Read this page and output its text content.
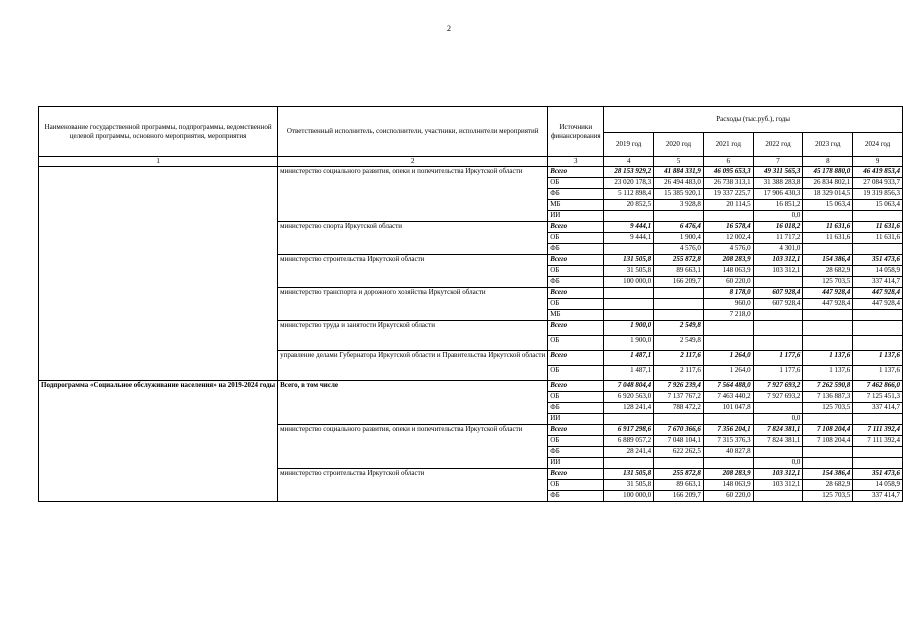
2
Наименование государственной программы, подпрограммы, ведомственной целевой программы, основного мероприятия, мероприятия	Ответственный исполнитель, соисполнители, участники, исполнители мероприятий	Источники финансирования	Расходы (тыс.руб.), годы					
			2019 год	2020 год	2021 год	2022 год	2023 год	2024 год
1	2	3	4	5	6	7	8	9
	министерство социального развития, опеки и попечительства Иркутской области	Всего	28 153 929,2	41 884 331,9	46 095 653,3	49 311 565,3	45 178 880,0	46 419 853,4
		ОБ	23 020 178,3	26 494 483,0	26 738 313,1	31 388 283,8	26 834 802,1	27 084 933,7
		ФБ	5 112 898,4	15 385 920,1	19 337 225,7	17 906 430,3	18 329 014,5	19 319 856,3
		МБ	20 852,5	3 928,8	20 114,5	16 851,2	15 063,4	15 063,4
		ИИ				0,0		
	министерство спорта Иркутской области	Всего	9 444,1	6 476,4	16 578,4	16 018,2	11 631,6	11 631,6
		ОБ	9 444,1	1 900,4	12 002,4	11 717,2	11 631,6	11 631,6
		ФБ		4 576,0	4 576,0	4 301,0		
	министерство строительства Иркутской области	Всего	131 505,8	255 872,8	208 283,9	103 312,1	154 386,4	351 473,6
		ОБ	31 505,8	89 663,1	148 063,9	103 312,1	28 682,9	14 058,9
		ФБ	100 000,0	166 209,7	60 220,0		125 703,5	337 414,7
	министерство транспорта и дорожного хозяйства Иркутской области	Всего			8 178,0	607 928,4	447 928,4	447 928,4
		ОБ			960,0	607 928,4	447 928,4	447 928,4
		МБ			7 218,0			
	министерство труда и занятости Иркутской области	Всего	1 900,0	2 549,8				
		ОБ	1 900,0	2 549,8				
	управление делами Губернатора Иркутской области и Правительства Иркутской области	Всего	1 487,1	2 117,6	1 264,0	1 177,6	1 137,6	1 137,6
		ОБ	1 487,1	2 117,6	1 264,0	1 177,6	1 137,6	1 137,6
Подпрограмма «Социальное обслуживание населения» на 2019-2024 годы	Всего, в том числе	Всего	7 048 804,4	7 926 239,4	7 564 488,0	7 927 693,2	7 262 590,8	7 462 866,0
		ОБ	6 920 563,0	7 137 767,2	7 463 440,2	7 927 693,2	7 136 887,3	7 125 451,3
		ФБ	128 241,4	788 472,2	101 047,8		125 703,5	337 414,7
		ИИ				0,0		
	министерство социального развития, опеки и попечительства Иркутской области	Всего	6 917 298,6	7 670 366,6	7 356 204,1	7 824 381,1	7 108 204,4	7 111 392,4
		ОБ	6 889 057,2	7 048 104,1	7 315 376,3	7 824 381,1	7 108 204,4	7 111 392,4
		ФБ	28 241,4	622 262,5	40 827,8			
		ИИ				0,0		
	министерство строительства Иркутской области	Всего	131 505,8	255 872,8	208 283,9	103 312,1	154 386,4	351 473,6
		ОБ	31 505,8	89 663,1	148 063,9	103 312,1	28 682,9	14 058,9
		ФБ	100 000,0	166 209,7	60 220,0		125 703,5	337 414,7
